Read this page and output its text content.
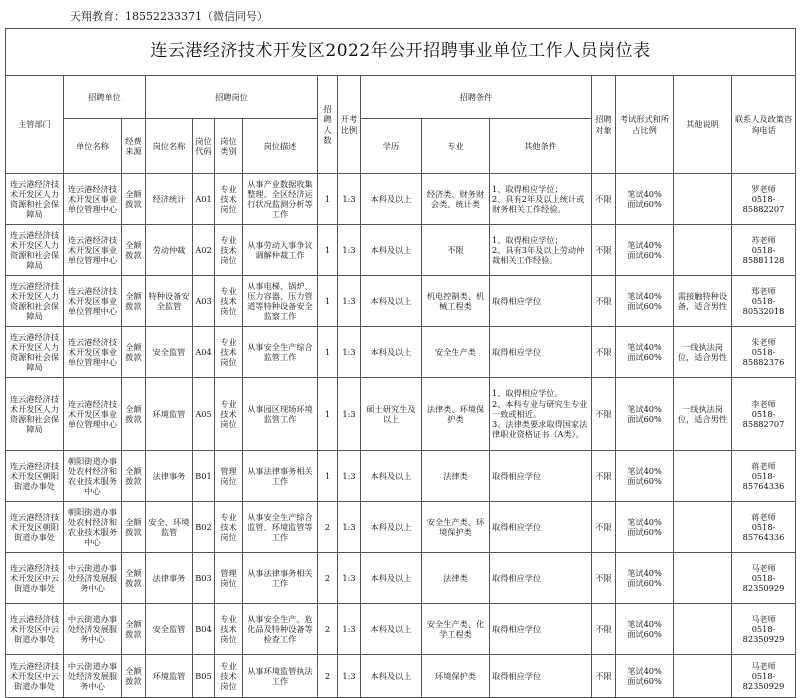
天翔教育：18552233371（微信同号）
连云港经济技术开发区2022年公开招聘事业单位工作人员岗位表															
主管部门	招聘单位		招聘岗位				招聘人数	开考比例	招聘条件			招聘对象	考试形式和所占比例	其他说明	联系人及政策咨询电话
	单位名称	经费来源	岗位名称	岗位代码	岗位类别	岗位描述			学历	专业	其他条件				
连云港经济技术开发区人力资源和社会保障局	连云港经济技术开发区事业单位管理中心	全额拨款	经济统计	A01	专业技术岗位	从事产业数据收集整理、全区经济运行状况监测分析等工作	1	1:3	本科及以上	经济类、财务财会类、统计类	1、取得相应学位；
2、具有2年及以上统计或财务相关工作经验。	不限	笔试40%
面试60%		罗老师
0518-85882207
连云港经济技术开发区人力资源和社会保障局	连云港经济技术开发区事业单位管理中心	全额拨款	劳动仲裁	A02	专业技术岗位	从事劳动人事争议调解仲裁工作	1	1:3	本科及以上	不限	1、取得相应学位；
2、具有3年及以上劳动仲裁相关工作经验。	不限	笔试40%
面试60%		苏老师
0518-85881128
连云港经济技术开发区人力资源和社会保障局	连云港经济技术开发区事业单位管理中心	全额拨款	特种设备安全监管	A03	专业技术岗位	从事电梯、锅炉、压力容器、压力管道等特种设备安全监察工作	1	1:3	本科及以上	机电控制类、机械工程类	取得相应学位	不限	笔试40%
面试60%	需接触特种设备，适合男性	郑老师
0518-80532018
连云港经济技术开发区人力资源和社会保障局	连云港经济技术开发区事业单位管理中心	全额拨款	安全监管	A04	专业技术岗位	从事安全生产综合监管工作	1	1:3	本科及以上	安全生产类	取得相应学位	不限	笔试40%
面试60%	一线执法岗位，适合男性	朱老师
0518-85882376
连云港经济技术开发区人力资源和社会保障局	连云港经济技术开发区事业单位管理中心	全额拨款	环境监管	A05	专业技术岗位	从事园区现场环境监管工作	1	1:3	硕士研究生及以上	法律类、环境保护类	1、取得相应学位。
2、本科专业与研究生专业一致或相近。
3、法律类要求取得国家法律职业资格证书（A类）。	不限	笔试40%
面试60%	一线执法岗位，适合男性	李老师
0518-85882707
连云港经济技术开发区朝阳街道办事处	朝阳街道办事处农村经济和农业技术服务中心	全额拨款	法律事务	B01	管理岗位	从事法律事务相关工作	1	1:3	本科及以上	法律类	取得相应学位	不限	笔试40%
面试60%		蒋老师
0518-85764336
连云港经济技术开发区朝阳街道办事处	朝阳街道办事处农村经济和农业技术服务中心	全额拨款	安全、环境监管	B02	专业技术岗位	从事安全生产综合监管、环境监管等工作	2	1:3	本科及以上	安全生产类、环境保护类	取得相应学位	不限	笔试40%
面试60%		蒋老师
0518-85764336
连云港经济技术开发区中云街道办事处	中云街道办事处经济发展服务中心	全额拨款	法律事务	B03	管理岗位	从事法律事务相关工作	2	1:3	本科及以上	法律类	取得相应学位	不限	笔试40%
面试60%		马老师
0518-82350929
连云港经济技术开发区中云街道办事处	中云街道办事处经济发展服务中心	全额拨款	安全监管	B04	专业技术岗位	从事安全生产、危化品及特种设备等检查工作	2	1:3	本科及以上	安全生产类、化学工程类	取得相应学位	不限	笔试40%
面试60%		马老师
0518-82350929
连云港经济技术开发区中云街道办事处	中云街道办事处经济发展服务中心	全额拨款	环境监管	B05	专业技术岗位	从事环境监管执法工作	2	1:3	本科及以上	环境保护类	取得相应学位	不限	笔试40%
面试60%		马老师
0518-82350929
